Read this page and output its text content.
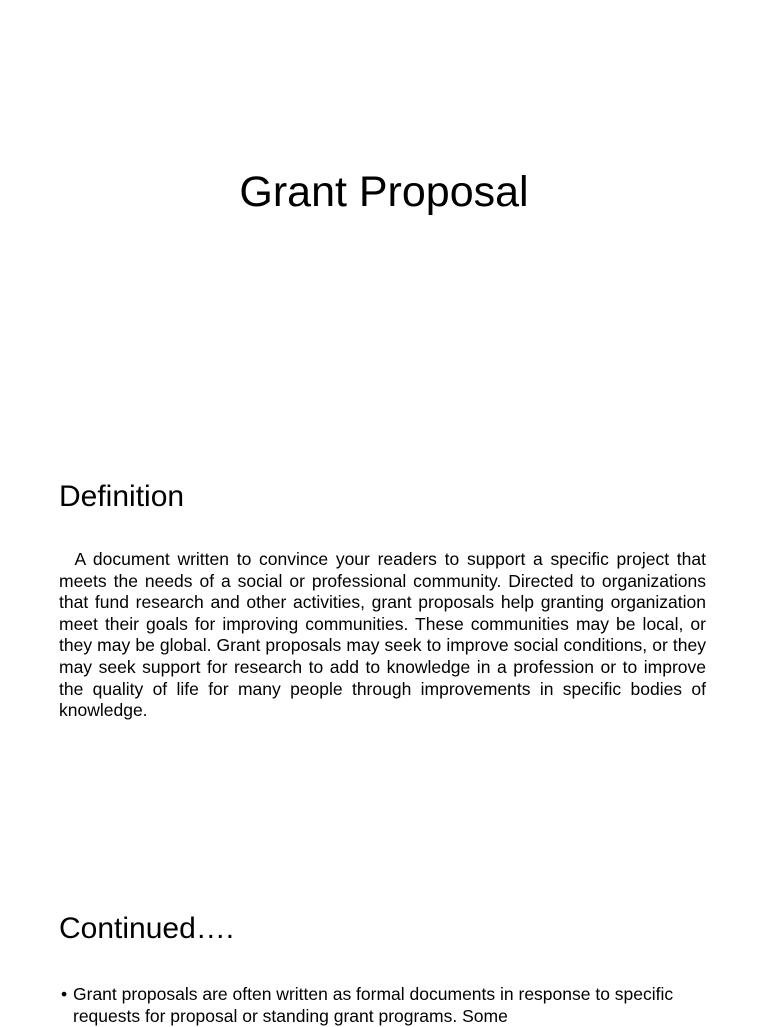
Grant Proposal
Definition

A document written to convince your readers to support a specific project that meets the needs of a social or professional community. Directed to organizations that fund research and other activities, grant proposals help granting organization meet their goals for improving communities. These communities may be local, or they may be global. Grant proposals may seek to improve social conditions, or they may seek support for research to add to knowledge in a profession or to improve the quality of life for many people through improvements in specific bodies of knowledge.

Continued….
• Grant proposals are often written as formal documents in response to specific requests for proposal or standing grant programs. Some
